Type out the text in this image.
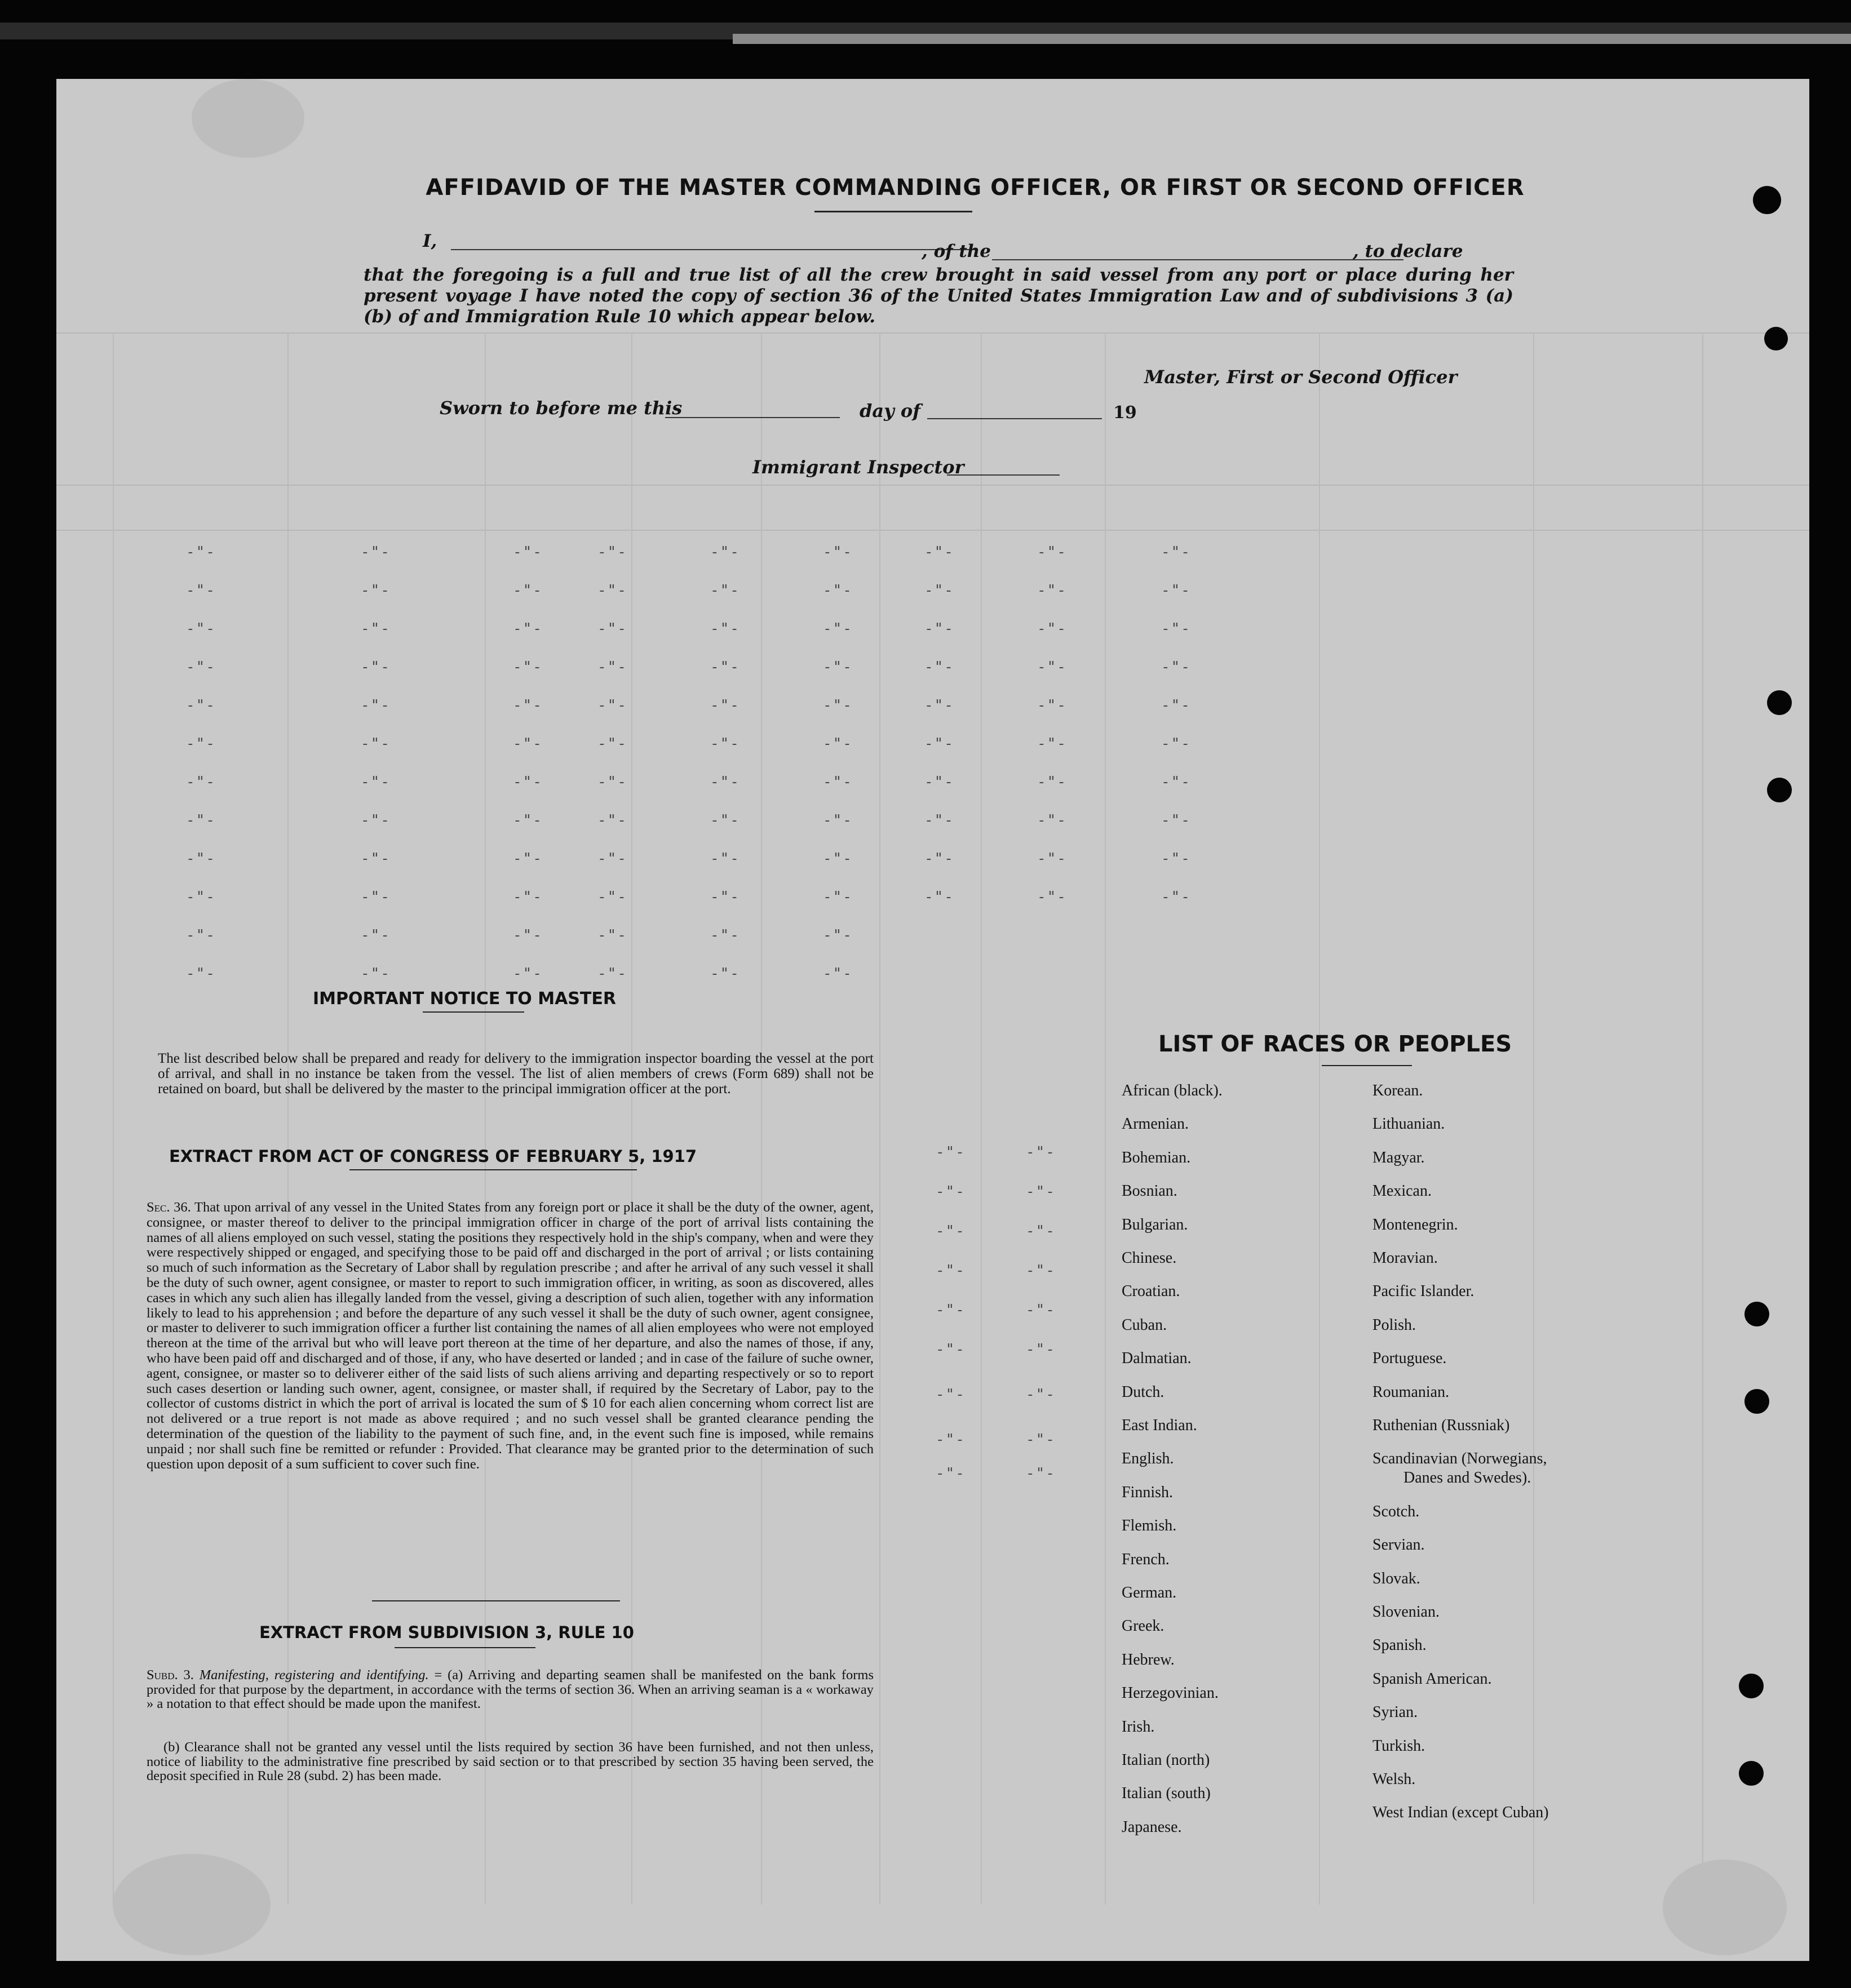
-"-	-"-	-"-	-"-	-"-	-"-	-"-	-"-	-"-
-"-	-"-	-"-	-"-	-"-	-"-	-"-	-"-	-"-
-"-	-"-	-"-	-"-	-"-	-"-	-"-	-"-	-"-
-"-	-"-	-"-	-"-	-"-	-"-	-"-	-"-	-"-
-"-	-"-	-"-	-"-	-"-	-"-	-"-	-"-	-"-
-"-	-"-	-"-	-"-	-"-	-"-	-"-	-"-	-"-
-"-	-"-	-"-	-"-	-"-	-"-	-"-	-"-	-"-
-"-	-"-	-"-	-"-	-"-	-"-	-"-	-"-	-"-
-"-	-"-	-"-	-"-	-"-	-"-	-"-	-"-	-"-
-"-	-"-	-"-	-"-	-"-	-"-	-"-	-"-	-"-
-"-	-"-	-"-	-"-	-"-	-"-
-"-	-"-	-"-	-"-	-"-	-"-
-"-	-"-
-"-	-"-
-"-	-"-
-"-	-"-
-"-	-"-
-"-	-"-
-"-	-"-
-"-	-"-
-"-	-"-
AFFIDAVID OF THE MASTER COMMANDING OFFICER, OR FIRST OR SECOND OFFICER
I,	, of the	, to declare
that the foregoing is a full and true list of all the crew brought in said vessel from any port or place during her present voyage I have noted the copy of section 36 of the United States Immigration Law and of subdivisions 3 (a) (b) of and Immigration Rule 10 which appear below.
Master, First or Second Officer
Sworn to before me this	day of	19
Immigrant Inspector
IMPORTANT NOTICE TO MASTER
The list described below shall be prepared and ready for delivery to the immigration inspector boarding the vessel at the port of arrival, and shall in no instance be taken from the vessel. The list of alien members of crews (Form 689) shall not be retained on board, but shall be delivered by the master to the principal immigration officer at the port.
EXTRACT FROM ACT OF CONGRESS OF FEBRUARY 5, 1917
Sec. 36. That upon arrival of any vessel in the United States from any foreign port or place it shall be the duty of the owner, agent, consignee, or master thereof to deliver to the principal immigration officer in charge of the port of arrival lists containing the names of all aliens employed on such vessel, stating the positions they respectively hold in the ship's company, when and were they were respectively shipped or engaged, and specifying those to be paid off and discharged in the port of arrival ; or lists containing so much of such information as the Secretary of Labor shall by regulation prescribe ; and after he arrival of any such vessel it shall be the duty of such owner, agent consignee, or master to report to such immigration officer, in writing, as soon as discovered, alles cases in which any such alien has illegally landed from the vessel, giving a description of such alien, together with any information likely to lead to his apprehension ; and before the departure of any such vessel it shall be the duty of such owner, agent consignee, or master to deliverer to such immigration officer a further list containing the names of all alien employees who were not employed thereon at the time of the arrival but who will leave port thereon at the time of her departure, and also the names of those, if any, who have been paid off and discharged and of those, if any, who have deserted or landed ; and in case of the failure of suche owner, agent, consignee, or master so to deliverer either of the said lists of such aliens arriving and departing respectively or so to report such cases desertion or landing such owner, agent, consignee, or master shall, if required by the Secretary of Labor, pay to the collector of customs district in which the port of arrival is located the sum of $ 10 for each alien concerning whom correct list are not delivered or a true report is not made as above required ; and no such vessel shall be granted clearance pending the determination of the question of the liability to the payment of such fine, and, in the event such fine is imposed, while remains unpaid ; nor shall such fine be remitted or refunder : Provided. That clearance may be granted prior to the determination of such question upon deposit of a sum sufficient to cover such fine.
EXTRACT FROM SUBDIVISION 3, RULE 10
Subd. 3. Manifesting, registering and identifying. = (a) Arriving and departing seamen shall be manifested on the bank forms provided for that purpose by the department, in accordance with the terms of section 36. When an arriving seaman is a « workaway » a notation to that effect should be made upon the manifest.
(b) Clearance shall not be granted any vessel until the lists required by section 36 have been furnished, and not then unless, notice of liability to the administrative fine prescribed by said section or to that prescribed by section 35 having been served, the deposit specified in Rule 28 (subd. 2) has been made.
LIST OF RACES OR PEOPLES
African (black).
Armenian.
Bohemian.
Bosnian.
Bulgarian.
Chinese.
Croatian.
Cuban.
Dalmatian.
Dutch.
East Indian.
English.
Finnish.
Flemish.
French.
German.
Greek.
Hebrew.
Herzegovinian.
Irish.
Italian (north)
Italian (south)
Japanese.
Korean.
Lithuanian.
Magyar.
Mexican.
Montenegrin.
Moravian.
Pacific Islander.
Polish.
Portuguese.
Roumanian.
Ruthenian (Russniak)
Scandinavian (Norwegians,
Danes and Swedes).
Scotch.
Servian.
Slovak.
Slovenian.
Spanish.
Spanish American.
Syrian.
Turkish.
Welsh.
West Indian (except Cuban)
